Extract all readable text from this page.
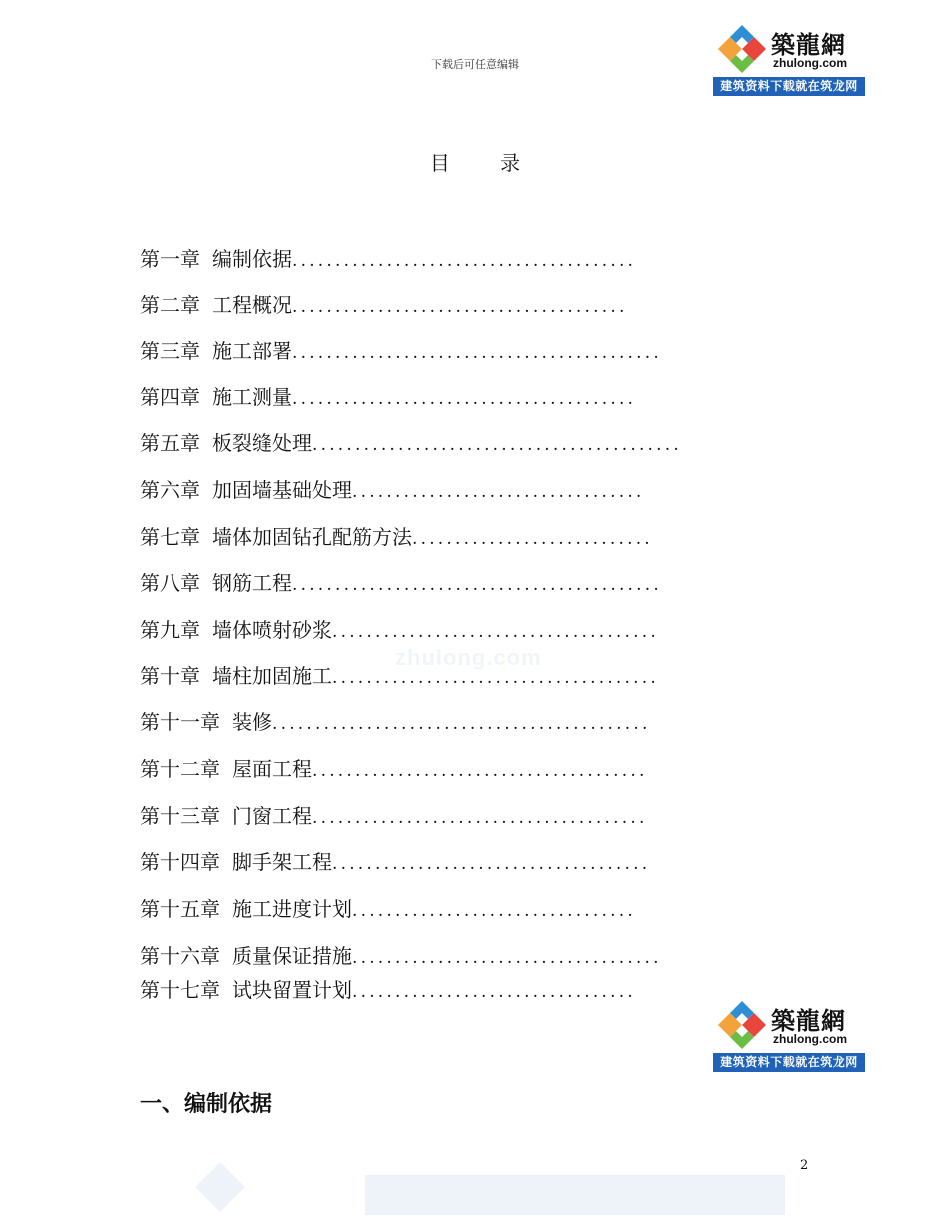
下载后可任意编辑
築龍網
zhulong.com
建筑资料下载就在筑龙网
目 录
第一章 编制依据........................................
第二章 工程概况.......................................
第三章 施工部署...........................................
第四章 施工测量........................................
第五章 板裂缝处理...........................................
第六章 加固墙基础处理..................................
第七章 墙体加固钻孔配筋方法............................
第八章 钢筋工程...........................................
第九章 墙体喷射砂浆......................................
第十章 墙柱加固施工......................................
第十一章 装修............................................
第十二章 屋面工程.......................................
第十三章 门窗工程.......................................
第十四章 脚手架工程.....................................
第十五章 施工进度计划.................................
第十六章 质量保证措施....................................
第十七章 试块留置计划.................................
zhulong.com
築龍網
zhulong.com
建筑资料下载就在筑龙网
一、编制依据
2
